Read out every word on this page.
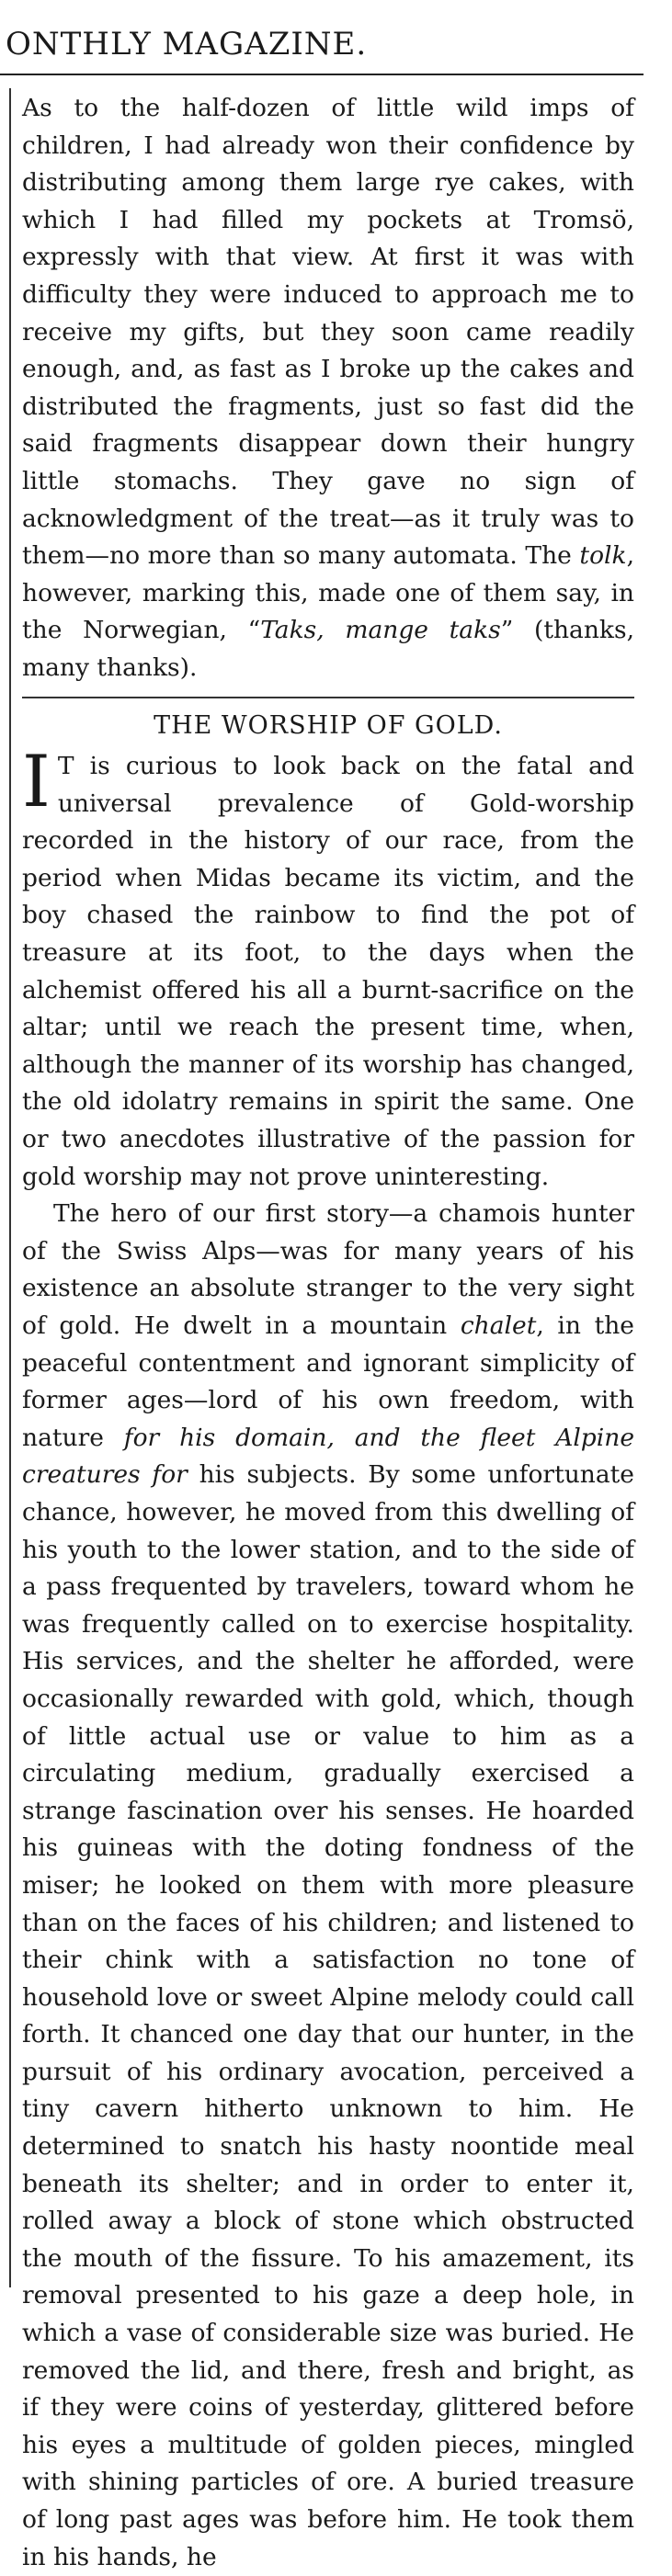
ONTHLY MAGAZINE.

As to the half-dozen of little wild imps of children, I had already won their confidence by distributing among them large rye cakes, with which I had filled my pockets at Tromsö, expressly with that view. At first it was with difficulty they were induced to approach me to receive my gifts, but they soon came readily enough, and, as fast as I broke up the cakes and distributed the fragments, just so fast did the said fragments disappear down their hungry little stomachs. They gave no sign of acknowledgment of the treat—as it truly was to them—no more than so many automata. The tolk, however, marking this, made one of them say, in the Norwegian, “Taks, mange taks” (thanks, many thanks).

THE WORSHIP OF GOLD.

I T is curious to look back on the fatal and universal prevalence of Gold-worship recorded in the history of our race, from the period when Midas became its victim, and the boy chased the rainbow to find the pot of treasure at its foot, to the days when the alchemist offered his all a burnt-sacrifice on the altar; until we reach the present time, when, although the manner of its worship has changed, the old idolatry remains in spirit the same. One or two anecdotes illustrative of the passion for gold worship may not prove uninteresting.

The hero of our first story—a chamois hunter of the Swiss Alps—was for many years of his existence an absolute stranger to the very sight of gold. He dwelt in a mountain chalet, in the peaceful contentment and ignorant simplicity of former ages—lord of his own freedom, with nature for his domain, and the fleet Alpine creatures for his subjects. By some unfortunate chance, however, he moved from this dwelling of his youth to the lower station, and to the side of a pass frequented by travelers, toward whom he was frequently called on to exercise hospitality. His services, and the shelter he afforded, were occasionally rewarded with gold, which, though of little actual use or value to him as a circulating medium, gradually exercised a strange fascination over his senses. He hoarded his guineas with the doting fondness of the miser; he looked on them with more pleasure than on the faces of his children; and listened to their chink with a satisfaction no tone of household love or sweet Alpine melody could call forth. It chanced one day that our hunter, in the pursuit of his ordinary avocation, perceived a tiny cavern hitherto unknown to him. He determined to snatch his hasty noontide meal beneath its shelter; and in order to enter it, rolled away a block of stone which obstructed the mouth of the fissure. To his amazement, its removal presented to his gaze a deep hole, in which a vase of considerable size was buried. He removed the lid, and there, fresh and bright, as if they were coins of yesterday, glittered before his eyes a multitude of golden pieces, mingled with shining particles of ore. A buried treasure of long past ages was before him. He took them in his hands, he
